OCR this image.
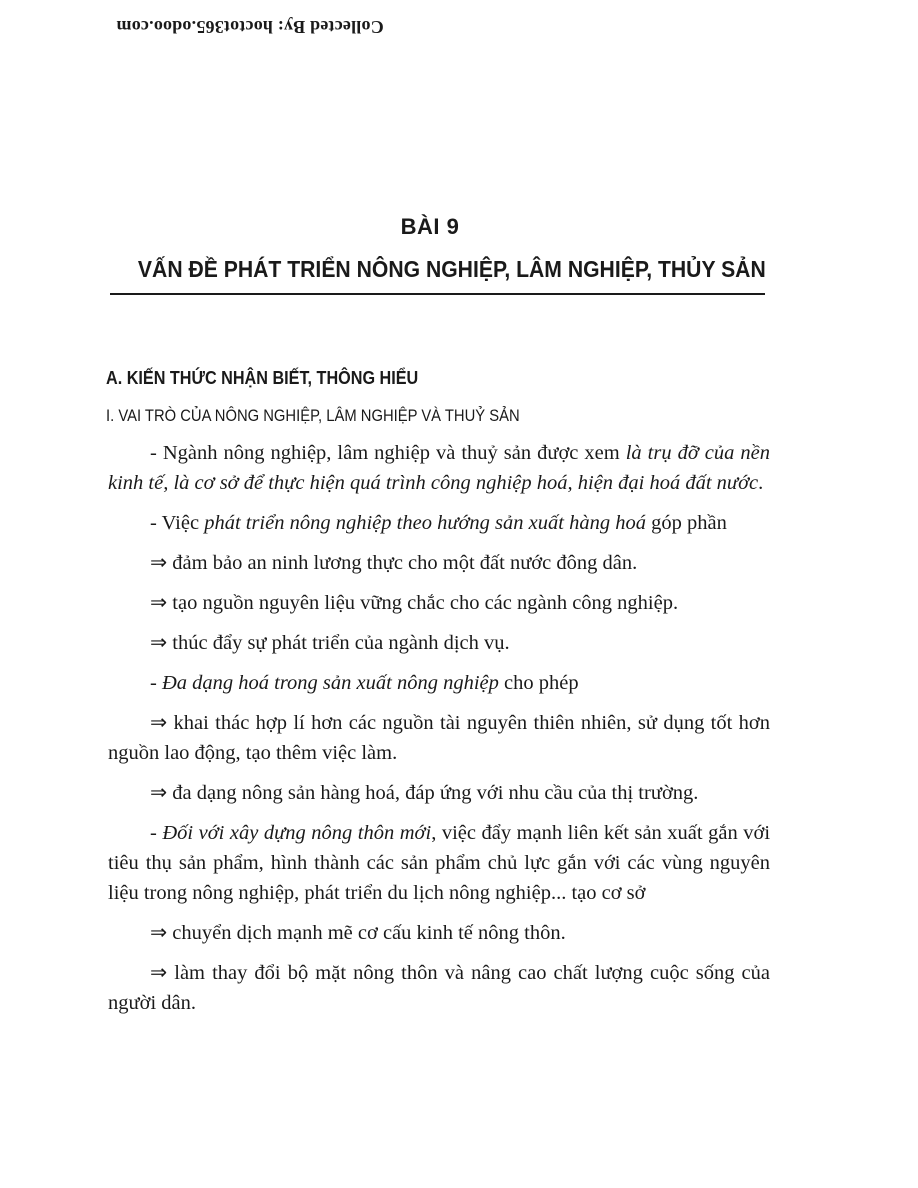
Collected By: hoctot365.odoo.com
BÀI 9
VẤN ĐỀ PHÁT TRIỂN NÔNG NGHIỆP, LÂM NGHIỆP, THỦY SẢN
A. KIẾN THỨC NHẬN BIẾT, THÔNG HIỂU
I. VAI TRÒ CỦA NÔNG NGHIỆP, LÂM NGHIỆP VÀ THUỶ SẢN

- Ngành nông nghiệp, lâm nghiệp và thuỷ sản được xem là trụ đỡ của nền kinh tế, là cơ sở để thực hiện quá trình công nghiệp hoá, hiện đại hoá đất nước.

- Việc phát triển nông nghiệp theo hướng sản xuất hàng hoá góp phần

⇒ đảm bảo an ninh lương thực cho một đất nước đông dân.

⇒ tạo nguồn nguyên liệu vững chắc cho các ngành công nghiệp.

⇒ thúc đẩy sự phát triển của ngành dịch vụ.

- Đa dạng hoá trong sản xuất nông nghiệp cho phép

⇒ khai thác hợp lí hơn các nguồn tài nguyên thiên nhiên, sử dụng tốt hơn nguồn lao động, tạo thêm việc làm.

⇒ đa dạng nông sản hàng hoá, đáp ứng với nhu cầu của thị trường.

- Đối với xây dựng nông thôn mới, việc đẩy mạnh liên kết sản xuất gắn với tiêu thụ sản phẩm, hình thành các sản phẩm chủ lực gắn với các vùng nguyên liệu trong nông nghiệp, phát triển du lịch nông nghiệp... tạo cơ sở

⇒ chuyển dịch mạnh mẽ cơ cấu kinh tế nông thôn.

⇒ làm thay đổi bộ mặt nông thôn và nâng cao chất lượng cuộc sống của người dân.
